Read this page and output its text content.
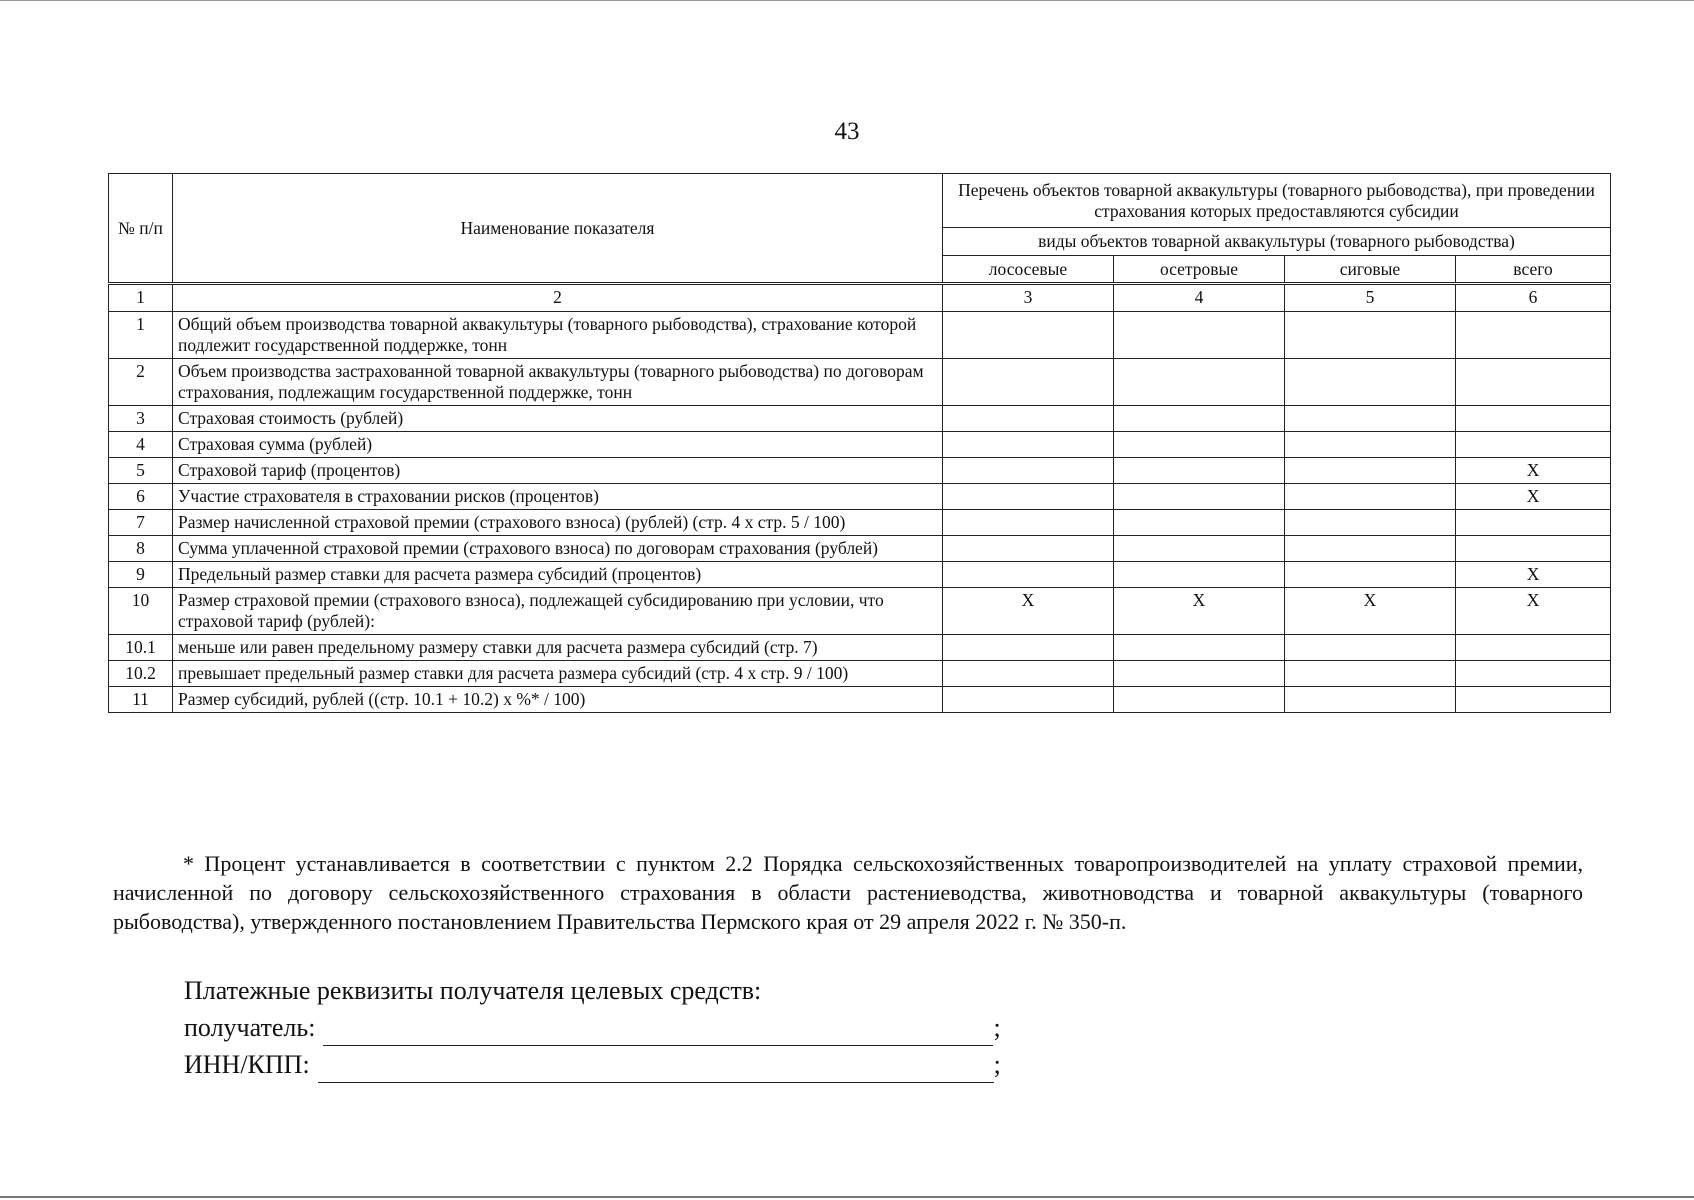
43
№ п/п	Наименование показателя	Перечень объектов товарной аквакультуры (товарного рыбоводства), при проведении страхования которых предоставляются субсидии			
		виды объектов товарной аквакультуры (товарного рыбоводства)			
		лососевые	осетровые	сиговые	всего
1	2	3	4	5	6
1	Общий объем производства товарной аквакультуры (товарного рыбоводства), страхование которой подлежит государственной поддержке, тонн				
2	Объем производства застрахованной товарной аквакультуры (товарного рыбоводства) по договорам страхования, подлежащим государственной поддержке, тонн				
3	Страховая стоимость (рублей)				
4	Страховая сумма (рублей)				
5	Страховой тариф (процентов)				X
6	Участие страхователя в страховании рисков (процентов)				X
7	Размер начисленной страховой премии (страхового взноса) (рублей) (стр. 4 х стр. 5 / 100)				
8	Сумма уплаченной страховой премии (страхового взноса) по договорам страхования (рублей)				
9	Предельный размер ставки для расчета размера субсидий (процентов)				X
10	Размер страховой премии (страхового взноса), подлежащей субсидированию при условии, что страховой тариф (рублей):	X	X	X	X
10.1	меньше или равен предельному размеру ставки для расчета размера субсидий (стр. 7)				
10.2	превышает предельный размер ставки для расчета размера субсидий (стр. 4 х стр. 9 / 100)				
11	Размер субсидий, рублей ((стр. 10.1 + 10.2) х %* / 100)				
* Процент устанавливается в соответствии с пунктом 2.2 Порядка сельскохозяйственных товаропроизводителей на уплату страховой премии, начисленной по договору сельскохозяйственного страхования в области растениеводства, животноводства и товарной аквакультуры (товарного рыбоводства), утвержденного постановлением Правительства Пермского края от 29 апреля 2022 г. № 350-п.
Платежные реквизиты получателя целевых средств:
получатель:	;
ИНН/КПП:	;
